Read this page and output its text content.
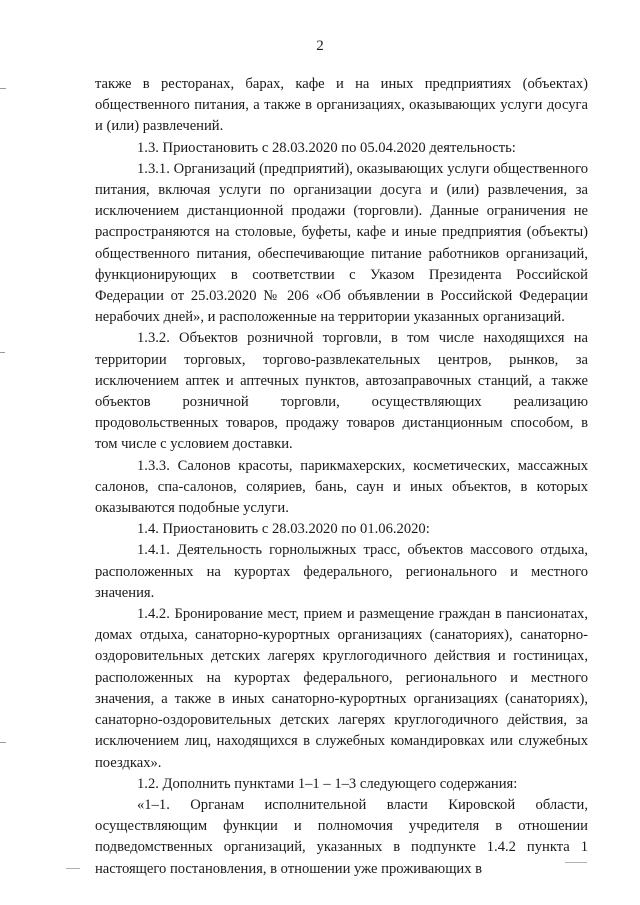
2

также в ресторанах, барах, кафе и на иных предприятиях (объектах) общественного питания, а также в организациях, оказывающих услуги досуга и (или) развлечений.

1.3. Приостановить с 28.03.2020 по 05.04.2020 деятельность:

1.3.1. Организаций (предприятий), оказывающих услуги общественного питания, включая услуги по организации досуга и (или) развлечения, за исключением дистанционной продажи (торговли). Данные ограничения не распространяются на столовые, буфеты, кафе и иные предприятия (объекты) общественного питания, обеспечивающие питание работников организаций, функционирующих в соответствии с Указом Президента Российской Федерации от 25.03.2020 № 206 «Об объявлении в Российской Федерации нерабочих дней», и расположенные на территории указанных организаций.

1.3.2. Объектов розничной торговли, в том числе находящихся на территории торговых, торгово-развлекательных центров, рынков, за исключением аптек и аптечных пунктов, автозаправочных станций, а также объектов розничной торговли, осуществляющих реализацию продовольственных товаров, продажу товаров дистанционным способом, в том числе с условием доставки.

1.3.3. Салонов красоты, парикмахерских, косметических, массажных салонов, спа-салонов, соляриев, бань, саун и иных объектов, в которых оказываются подобные услуги.

1.4. Приостановить с 28.03.2020 по 01.06.2020:

1.4.1. Деятельность горнолыжных трасс, объектов массового отдыха, расположенных на курортах федерального, регионального и местного значения.

1.4.2. Бронирование мест, прием и размещение граждан в пансионатах, домах отдыха, санаторно-курортных организациях (санаториях), санаторно-оздоровительных детских лагерях круглогодичного действия и гостиницах, расположенных на курортах федерального, регионального и местного значения, а также в иных санаторно-курортных организациях (санаториях), санаторно-оздоровительных детских лагерях круглогодичного действия, за исключением лиц, находящихся в служебных командировках или служебных поездках».

1.2. Дополнить пунктами 1–1 – 1–3 следующего содержания:

«1–1. Органам исполнительной власти Кировской области, осуществляющим функции и полномочия учредителя в отношении подведомственных организаций, указанных в подпункте 1.4.2 пункта 1 настоящего постановления, в отношении уже проживающих в
